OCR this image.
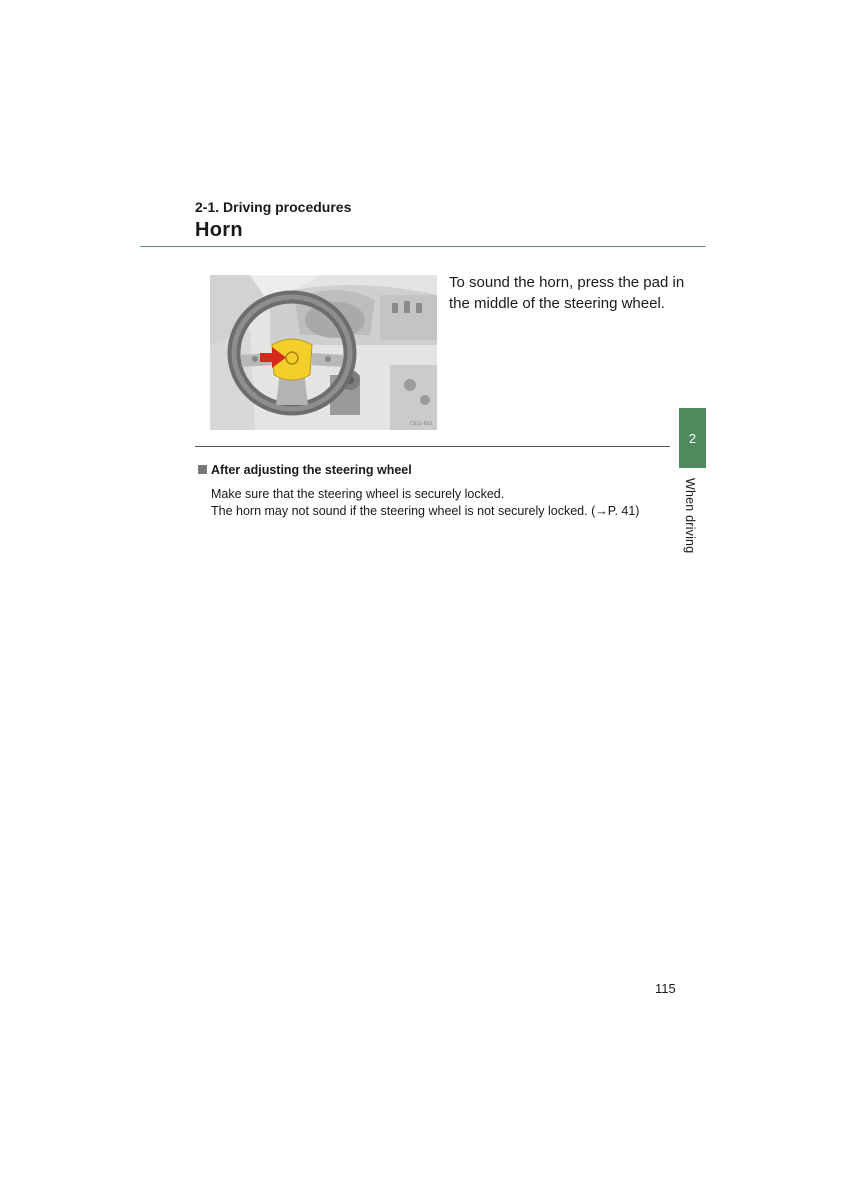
2-1. Driving procedures
Horn
CE11-803
To sound the horn, press the pad in the middle of the steering wheel.
After adjusting the steering wheel

Make sure that the steering wheel is securely locked.

The horn may not sound if the steering wheel is not securely locked. (→P. 41)

2
When driving
115
